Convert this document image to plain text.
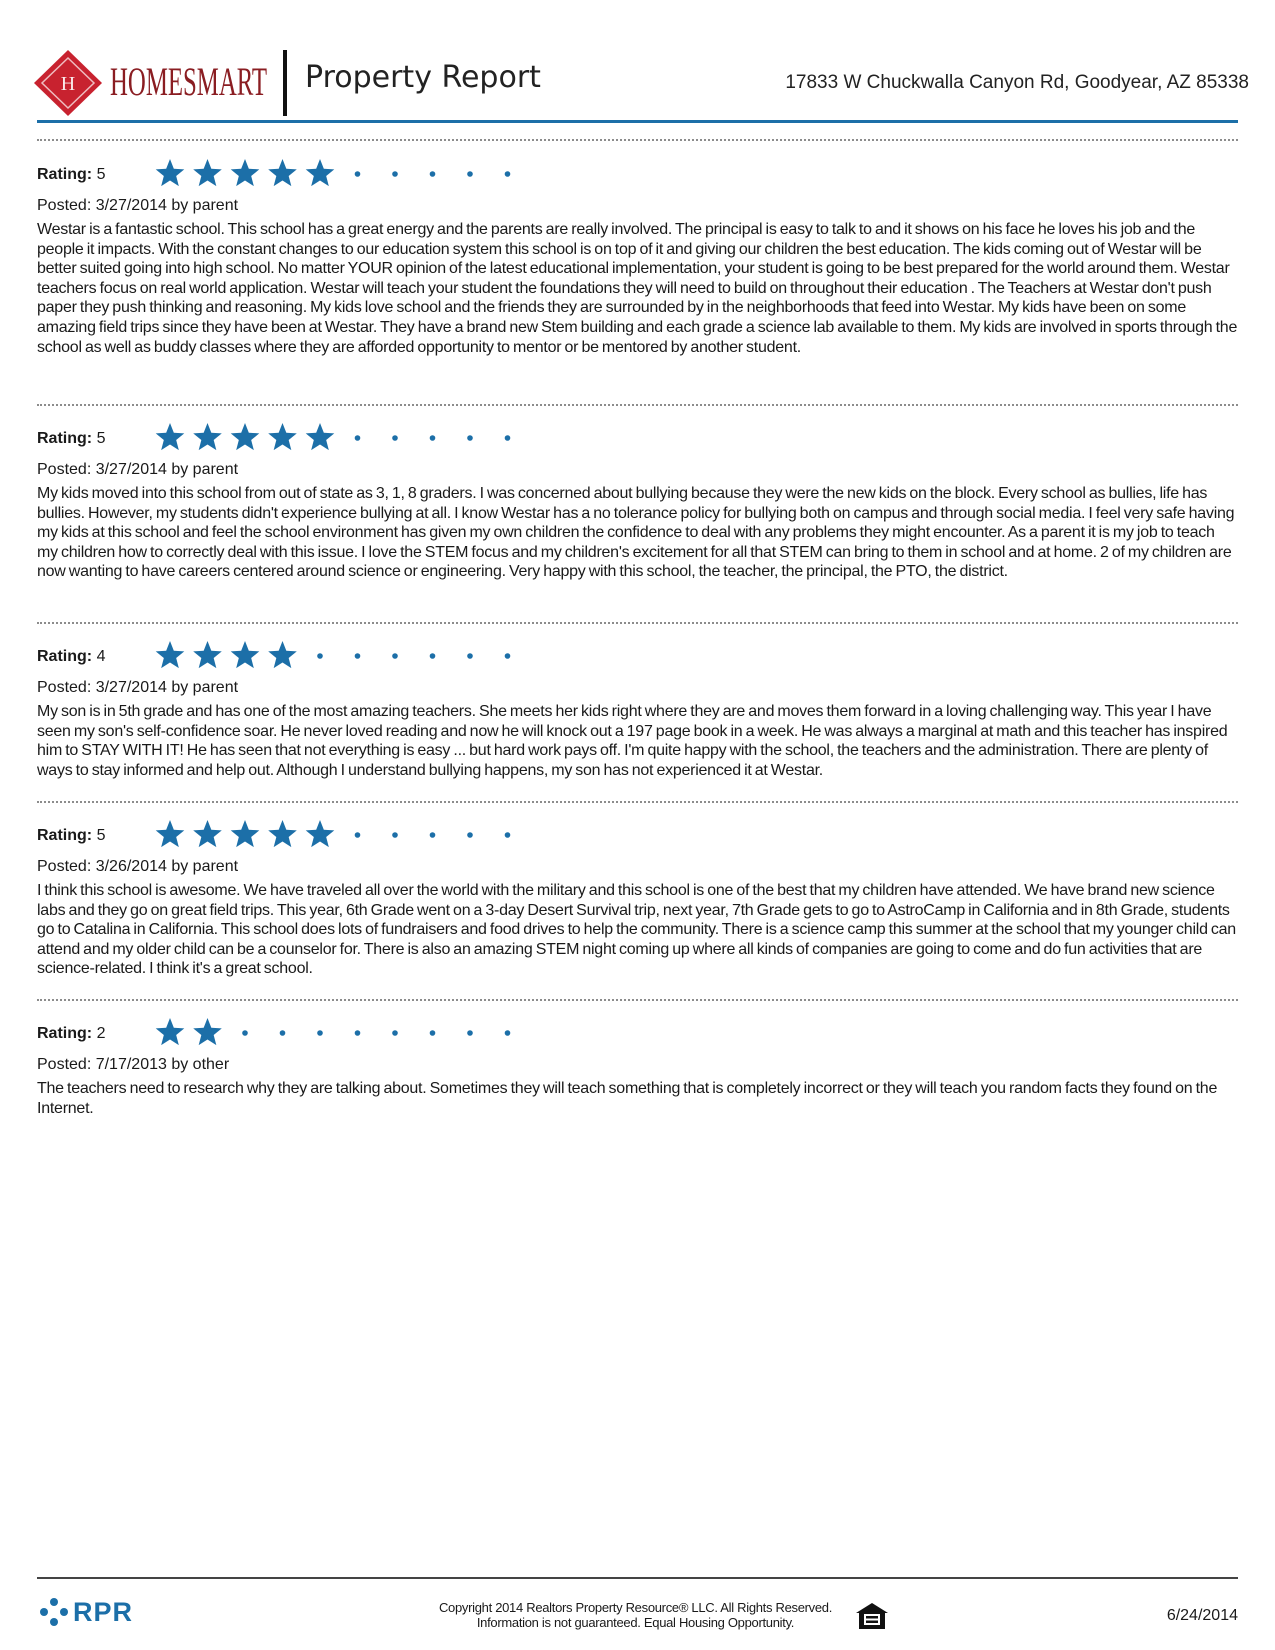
H HOMESMART Property Report	17833 W Chuckwalla Canyon Rd, Goodyear, AZ 85338
Rating: 5
Posted: 3/27/2014 by parent
Westar is a fantastic school. This school has a great energy and the parents are really involved. The principal is easy to talk to and it shows on his face he loves his job and the people it impacts. With the constant changes to our education system this school is on top of it and giving our children the best education. The kids coming out of Westar will be better suited going into high school. No matter YOUR opinion of the latest educational implementation, your student is going to be best prepared for the world around them. Westar teachers focus on real world application. Westar will teach your student the foundations they will need to build on throughout their education . The Teachers at Westar don't push paper they push thinking and reasoning. My kids love school and the friends they are surrounded by in the neighborhoods that feed into Westar. My kids have been on some amazing field trips since they have been at Westar. They have a brand new Stem building and each grade a science lab available to them. My kids are involved in sports through the school as well as buddy classes where they are afforded opportunity to mentor or be mentored by another student.
Rating: 5
Posted: 3/27/2014 by parent
My kids moved into this school from out of state as 3, 1, 8 graders. I was concerned about bullying because they were the new kids on the block. Every school as bullies, life has bullies. However, my students didn't experience bullying at all. I know Westar has a no tolerance policy for bullying both on campus and through social media. I feel very safe having my kids at this school and feel the school environment has given my own children the confidence to deal with any problems they might encounter. As a parent it is my job to teach my children how to correctly deal with this issue. I love the STEM focus and my children's excitement for all that STEM can bring to them in school and at home. 2 of my children are now wanting to have careers centered around science or engineering. Very happy with this school, the teacher, the principal, the PTO, the district.
Rating: 4
Posted: 3/27/2014 by parent
My son is in 5th grade and has one of the most amazing teachers. She meets her kids right where they are and moves them forward in a loving challenging way. This year I have seen my son's self-confidence soar. He never loved reading and now he will knock out a 197 page book in a week. He was always a marginal at math and this teacher has inspired him to STAY WITH IT! He has seen that not everything is easy ... but hard work pays off. I'm quite happy with the school, the teachers and the administration. There are plenty of ways to stay informed and help out. Although I understand bullying happens, my son has not experienced it at Westar.
Rating: 5
Posted: 3/26/2014 by parent
I think this school is awesome. We have traveled all over the world with the military and this school is one of the best that my children have attended. We have brand new science labs and they go on great field trips. This year, 6th Grade went on a 3-day Desert Survival trip, next year, 7th Grade gets to go to AstroCamp in California and in 8th Grade, students go to Catalina in California. This school does lots of fundraisers and food drives to help the community. There is a science camp this summer at the school that my younger child can attend and my older child can be a counselor for. There is also an amazing STEM night coming up where all kinds of companies are going to come and do fun activities that are science-related. I think it's a great school.
Rating: 2
Posted: 7/17/2013 by other
The teachers need to research why they are talking about. Sometimes they will teach something that is completely incorrect or they will teach you random facts they found on the Internet.
RPR	Copyright 2014 Realtors Property Resource® LLC. All Rights Reserved.
Information is not guaranteed. Equal Housing Opportunity.	6/24/2014
